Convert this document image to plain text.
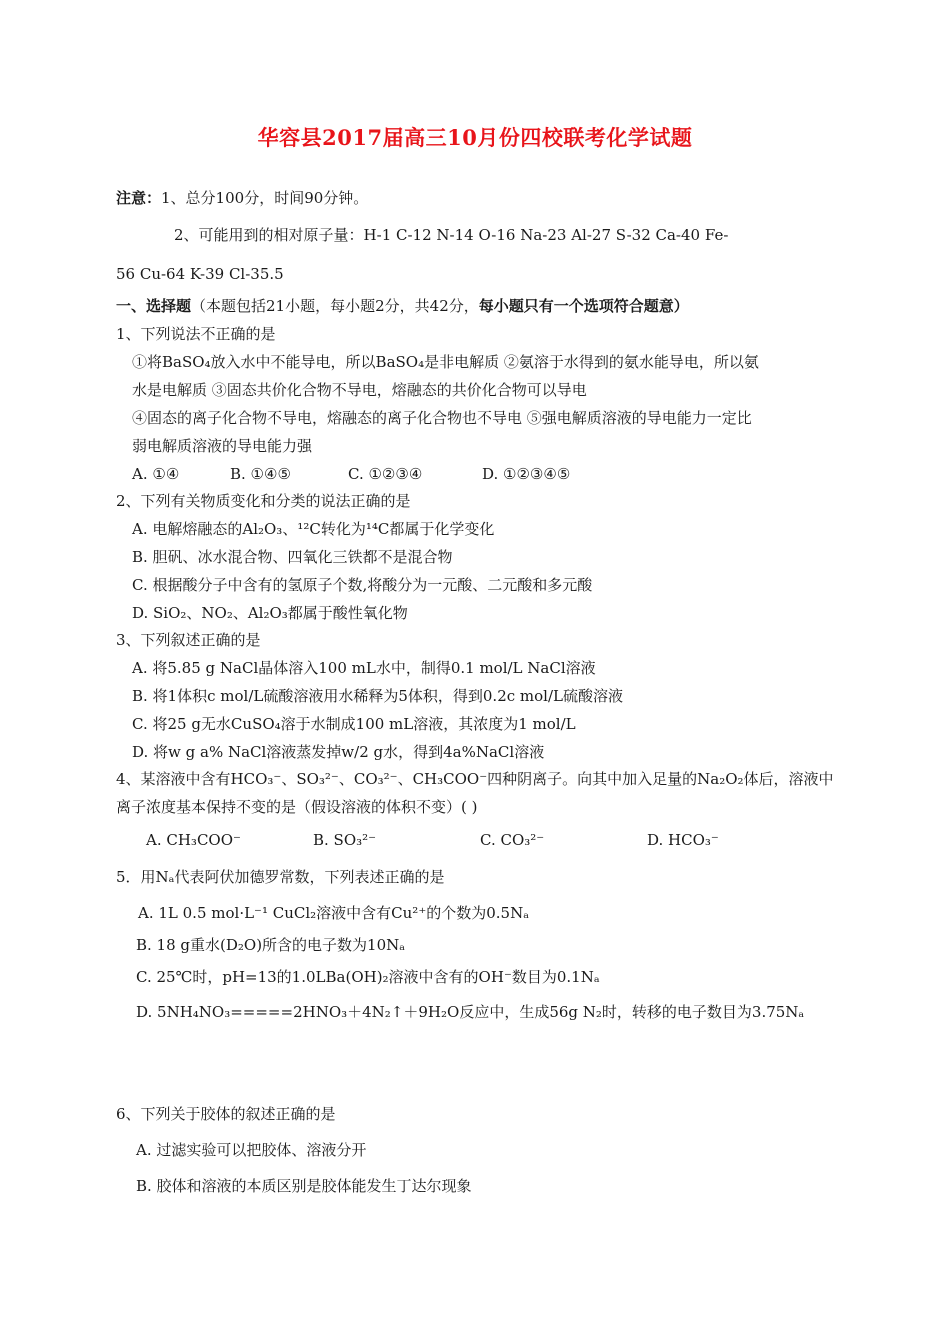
华容县2017届高三10月份四校联考化学试题
注意：1、总分100分，时间90分钟。
2、可能用到的相对原子量：H-1 C-12 N-14 O-16 Na-23 Al-27 S-32 Ca-40 Fe-
56 Cu-64 K-39 Cl-35.5
一、选择题（本题包括21小题，每小题2分，共42分，每小题只有一个选项符合题意）
1、下列说法不正确的是
①将BaSO₄放入水中不能导电，所以BaSO₄是非电解质 ②氨溶于水得到的氨水能导电，所以氨
水是电解质 ③固态共价化合物不导电，熔融态的共价化合物可以导电
④固态的离子化合物不导电，熔融态的离子化合物也不导电 ⑤强电解质溶液的导电能力一定比
弱电解质溶液的导电能力强
A. ①④	B. ①④⑤	C. ①②③④	D. ①②③④⑤
2、下列有关物质变化和分类的说法正确的是
A. 电解熔融态的Al₂O₃、¹²C转化为¹⁴C都属于化学变化
B. 胆矾、冰水混合物、四氧化三铁都不是混合物
C. 根据酸分子中含有的氢原子个数,将酸分为一元酸、二元酸和多元酸
D. SiO₂、NO₂、Al₂O₃都属于酸性氧化物
3、下列叙述正确的是
A. 将5.85 g NaCl晶体溶入100 mL水中，制得0.1 mol/L NaCl溶液
B. 将1体积c mol/L硫酸溶液用水稀释为5体积，得到0.2c mol/L硫酸溶液
C. 将25 g无水CuSO₄溶于水制成100 mL溶液，其浓度为1 mol/L
D. 将w g a% NaCl溶液蒸发掉w/2 g水，得到4a%NaCl溶液
4、某溶液中含有HCO₃⁻、SO₃²⁻、CO₃²⁻、CH₃COO⁻四种阴离子。向其中加入足量的Na₂O₂体后，溶液中
离子浓度基本保持不变的是（假设溶液的体积不变）( )
A. CH₃COO⁻	B. SO₃²⁻	C. CO₃²⁻	D. HCO₃⁻
5．用Nₐ代表阿伏加德罗常数，下列表述正确的是
A. 1L 0.5 mol·L⁻¹ CuCl₂溶液中含有Cu²⁺的个数为0.5Nₐ
B. 18 g重水(D₂O)所含的电子数为10Nₐ
C. 25℃时，pH=13的1.0LBa(OH)₂溶液中含有的OH⁻数目为0.1Nₐ
D. 5NH₄NO₃=====2HNO₃＋4N₂↑＋9H₂O反应中，生成56g N₂时，转移的电子数目为3.75Nₐ
6、下列关于胶体的叙述正确的是
A. 过滤实验可以把胶体、溶液分开
B. 胶体和溶液的本质区别是胶体能发生丁达尔现象
